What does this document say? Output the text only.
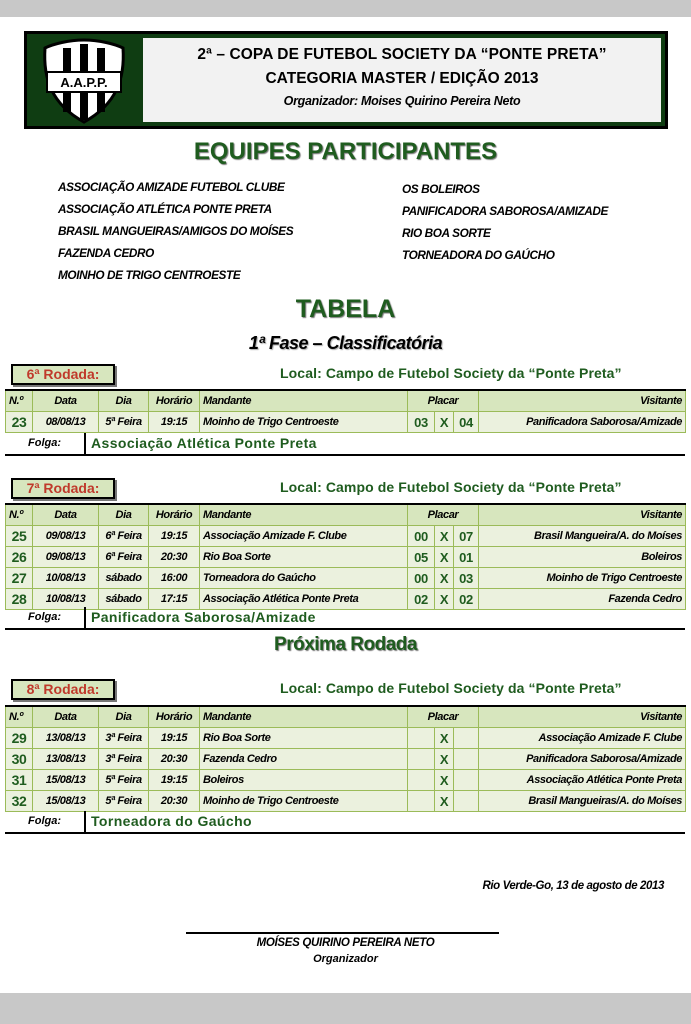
A.A.P.P.
2ª – COPA DE FUTEBOL SOCIETY DA “PONTE PRETA”
CATEGORIA MASTER / EDIÇÃO 2013
Organizador: Moises Quirino Pereira Neto
EQUIPES PARTICIPANTES
ASSOCIAÇÃO AMIZADE FUTEBOL CLUBE
ASSOCIAÇÃO ATLÉTICA PONTE PRETA
BRASIL MANGUEIRAS/AMIGOS DO MOÍSES
FAZENDA CEDRO
MOINHO DE TRIGO CENTROESTE
OS BOLEIROS
PANIFICADORA SABOROSA/AMIZADE
RIO BOA SORTE
TORNEADORA DO GAÚCHO
TABELA
1ª Fase – Classificatória
6ª Rodada:	Local: Campo de Futebol Society da “Ponte Preta”
N.º	Data	Dia	Horário	Mandante	Placar			Visitante
23	08/08/13	5ª Feira	19:15	Moinho de Trigo Centroeste	03	X	04	Panificadora Saborosa/Amizade
Folga:	Associação Atlética Ponte Preta
7ª Rodada:	Local: Campo de Futebol Society da “Ponte Preta”
N.º	Data	Dia	Horário	Mandante	Placar			Visitante
25	09/08/13	6ª Feira	19:15	Associação Amizade F. Clube	00	X	07	Brasil Mangueira/A. do Moíses
26	09/08/13	6ª Feira	20:30	Rio Boa Sorte	05	X	01	Boleiros
27	10/08/13	sábado	16:00	Torneadora do Gaúcho	00	X	03	Moinho de Trigo Centroeste
28	10/08/13	sábado	17:15	Associação Atlética Ponte Preta	02	X	02	Fazenda Cedro
Folga:	Panificadora Saborosa/Amizade
Próxima Rodada
8ª Rodada:	Local: Campo de Futebol Society da “Ponte Preta”
N.º	Data	Dia	Horário	Mandante	Placar			Visitante
29	13/08/13	3ª Feira	19:15	Rio Boa Sorte		X		Associação Amizade F. Clube
30	13/08/13	3ª Feira	20:30	Fazenda Cedro		X		Panificadora Saborosa/Amizade
31	15/08/13	5ª Feira	19:15	Boleiros		X		Associação Atlética Ponte Preta
32	15/08/13	5ª Feira	20:30	Moinho de Trigo Centroeste		X		Brasil Mangueiras/A. do Moíses
Folga:	Torneadora do Gaúcho
Rio Verde-Go, 13 de agosto de 2013
MOÍSES QUIRINO PEREIRA NETO
Organizador
